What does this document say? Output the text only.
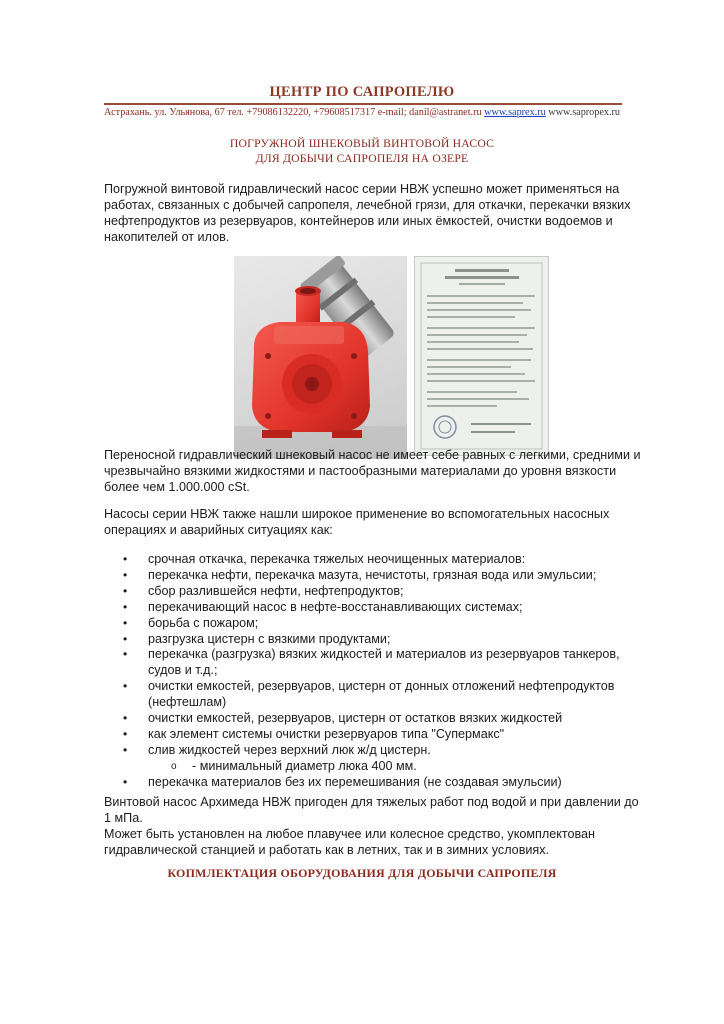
ЦЕНТР ПО САПРОПЕЛЮ
Астрахань. ул. Ульянова, 67 тел. +79086132220, +79608517317 e-mail; danil@astranet.ru www.saprex.ru www.sapropex.ru
ПОГРУЖНОЙ ШНЕКОВЫЙ ВИНТОВОЙ НАСОС
ДЛЯ ДОБЫЧИ САПРОПЕЛЯ НА ОЗЕРЕ

Погружной винтовой гидравлический насос серии НВЖ успешно может применяться на работах, связанных с добычей сапропеля, лечебной грязи, для откачки, перекачки вязких нефтепродуктов из резервуаров, контейнеров или иных ёмкостей, очистки водоемов и накопителей от илов.

Переносной гидравлический шнековый насос не имеет себе равных с легкими, средними и чрезвычайно вязкими жидкостями и пастообразными материалами до уровня вязкости более чем 1.000.000 cSt.

Насосы серии НВЖ также нашли широкое применение во вспомогательных насосных операциях и аварийных ситуациях как:

• срочная откачка, перекачка тяжелых неочищенных материалов:
• перекачка нефти, перекачка мазута, нечистоты, грязная вода или эмульсии;
• сбор разлившейся нефти, нефтепродуктов;
• перекачивающий насос в нефте-восстанавливающих системах;
• борьба с пожаром;
• разгрузка цистерн с вязкими продуктами;
• перекачка (разгрузка) вязких жидкостей и материалов из резервуаров танкеров, судов и т.д.;
• очистки емкостей, резервуаров, цистерн от донных отложений нефтепродуктов (нефтешлам)
• очистки емкостей, резервуаров, цистерн от остатков вязких жидкостей
• как элемент системы очистки резервуаров типа "Супермакс"
• слив жидкостей через верхний люк ж/д цистерн.
o - минимальный диаметр люка 400 мм.
• перекачка материалов без их перемешивания (не создавая эмульсии)
Винтовой насос Архимеда НВЖ пригоден для тяжелых работ под водой и при давлении до 1 мПа.
Может быть установлен на любое плавучее или колесное средство, укомплектован гидравлической станцией и работать как в летних, так и в зимних условиях.
КОПМЛЕКТАЦИЯ ОБОРУДОВАНИЯ ДЛЯ ДОБЫЧИ САПРОПЕЛЯ
